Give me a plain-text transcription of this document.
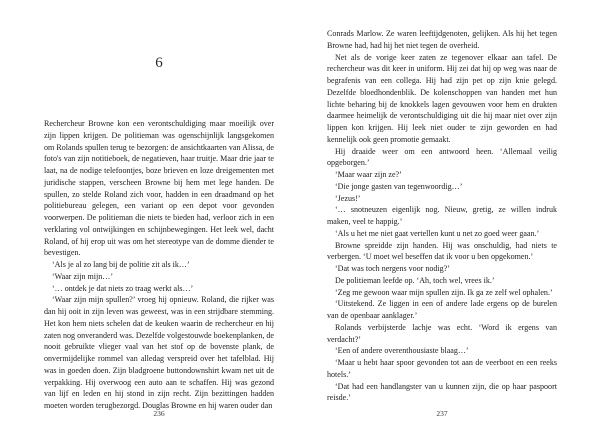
6

Rechercheur Browne kon een verontschuldiging maar moeilijk over zijn lippen krijgen. De politieman was ogenschijnlijk langsgekomen om Rolands spullen terug te bezorgen: de ansichtkaarten van Alissa, de foto's van zijn notitieboek, de negatieven, haar truitje. Maar drie jaar te laat, na de nodige telefoontjes, boze brieven en loze dreigementen met juridische stappen, verscheen Browne bij hem met lege handen. De spullen, zo stelde Roland zich voor, hadden in een draadmand op het politiebureau gelegen, een variant op een depot voor gevonden voorwerpen. De politieman die niets te bieden had, verloor zich in een verklaring vol ontwijkingen en schijnbewegingen. Het leek wel, dacht Roland, of hij erop uit was om het stereotype van de domme diender te bevestigen.

‘Als je al zo lang bij de politie zit als ik…’

‘Waar zijn mijn…’

‘… ontdek je dat niets zo traag werkt als…’

‘Waar zijn mijn spullen?’ vroeg hij opnieuw. Roland, die rijker was dan hij ooit in zijn leven was geweest, was in een strijdbare stemming. Het kon hem niets schelen dat de keuken waarin de rechercheur en hij zaten nog onveranderd was. Dezelfde volgestouwde boekenplanken, de nooit gebruikte vlieger vaal van het stof op de bovenste plank, de onvermijdelijke rommel van alledag verspreid over het tafelblad. Hij was in goeden doen. Zijn bladgroene buttondownshirt kwam net uit de verpakking. Hij overwoog een auto aan te schaffen. Hij was gezond van lijf en leden en hij stond in zijn recht. Zijn bezittingen hadden moeten worden terugbezorgd. Douglas Browne en hij waren ouder dan

236

Conrads Marlow. Ze waren leeftijdgenoten, gelijken. Als hij het tegen Browne had, had hij het niet tegen de overheid.

Net als de vorige keer zaten ze tegenover elkaar aan tafel. De rechercheur was dit keer in uniform. Hij zei dat hij op weg was naar de begrafenis van een collega. Hij had zijn pet op zijn knie gelegd. Dezelfde bloedhondenblik. De kolenschoppen van handen met hun lichte beharing bij de knokkels lagen gevouwen voor hem en drukten daarmee heimelijk de verontschuldiging uit die hij maar niet over zijn lippen kon krijgen. Hij leek niet ouder te zijn geworden en had kennelijk ook geen promotie gemaakt.

Hij draaide weer om een antwoord heen. ‘Allemaal veilig opgeborgen.’

‘Maar waar zijn ze?’

‘Die jonge gasten van tegenwoordig…’

‘Jezus!’

‘… snotneuzen eigenlijk nog. Nieuw, gretig, ze willen indruk maken, veel te happig.’

‘Als u het me niet gaat vertellen kunt u net zo goed weer gaan.’

Browne spreidde zijn handen. Hij was onschuldig, had niets te verbergen. ‘U moet wel beseffen dat ik voor u ben opgekomen.’

‘Dat was toch nergens voor nodig?’

De politieman leefde op. ‘Ah, toch wel, vrees ik.’

‘Zeg me gewoon waar mijn spullen zijn. Ik ga ze zelf wel ophalen.’

‘Uitstekend. Ze liggen in een of andere lade ergens op de burelen van de openbaar aanklager.’

Rolands verbijsterde lachje was echt. ‘Word ik ergens van verdacht?’

‘Een of andere overenthousiaste blaag…’

‘Maar u hebt haar spoor gevonden tot aan de veerboot en een reeks hotels.’

‘Dat had een handlangster van u kunnen zijn, die op haar paspoort reisde.’

237
